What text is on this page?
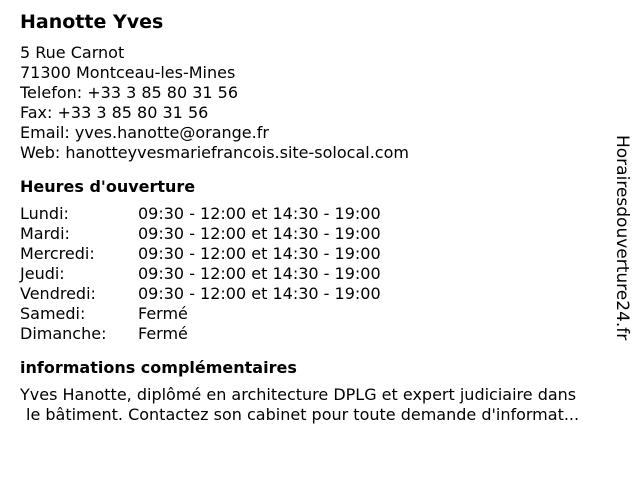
Hanotte Yves
5 Rue Carnot
71300 Montceau-les-Mines
Telefon: +33 3 85 80 31 56
Fax: +33 3 85 80 31 56
Email: yves.hanotte@orange.fr
Web: hanotteyvesmariefrancois.site-solocal.com
Heures d'ouverture
Lundi:	09:30 - 12:00 et 14:30 - 19:00
Mardi:	09:30 - 12:00 et 14:30 - 19:00
Mercredi:	09:30 - 12:00 et 14:30 - 19:00
Jeudi:	09:30 - 12:00 et 14:30 - 19:00
Vendredi:	09:30 - 12:00 et 14:30 - 19:00
Samedi:	Fermé
Dimanche:	Fermé
informations complémentaires
Yves Hanotte, diplômé en architecture DPLG et expert judiciaire dans
le bâtiment. Contactez son cabinet pour toute demande d'informat...
Horairesdouverture24.fr
